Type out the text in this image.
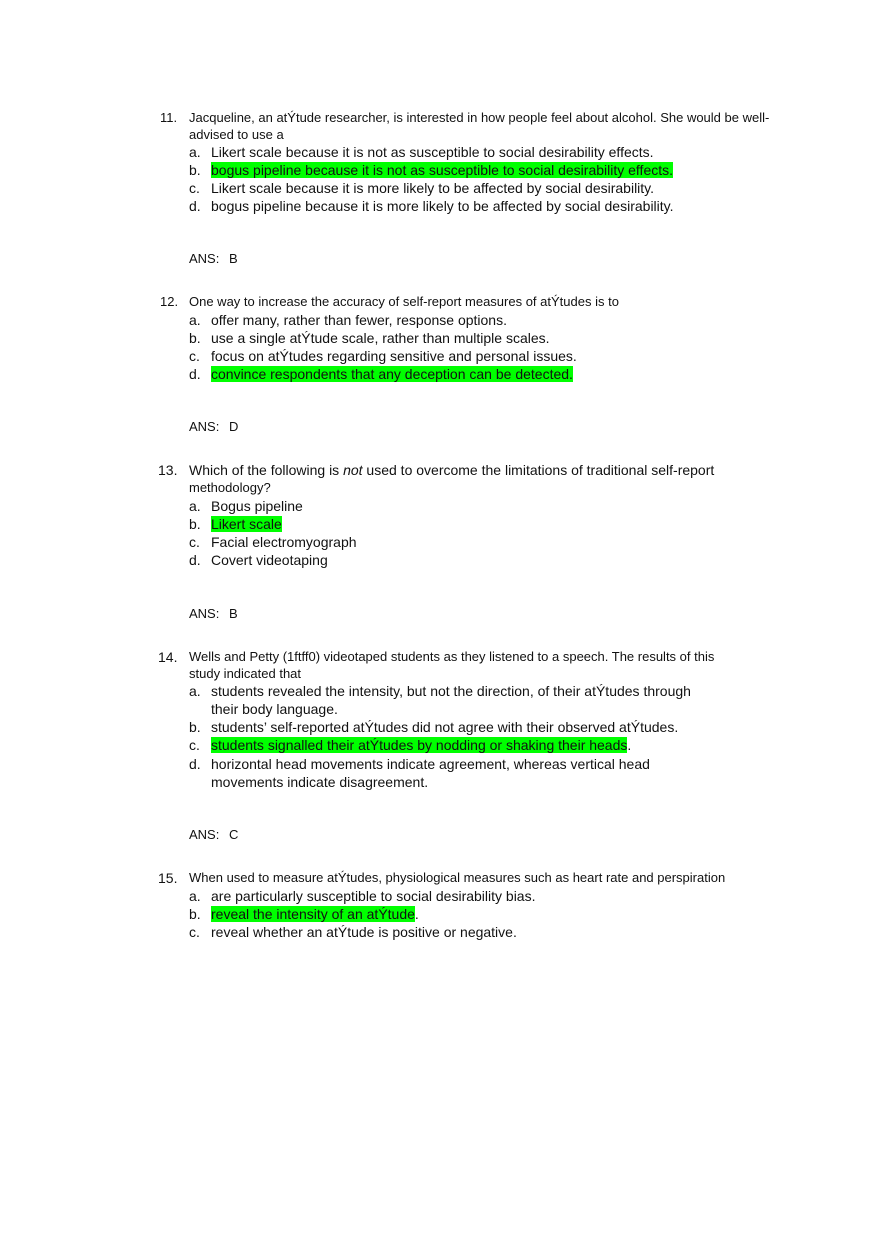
11. Jacqueline, an atÝtude researcher, is interested in how people feel about alcohol. She would be well-
advised to use a
a. Likert scale because it is not as susceptible to social desirability effects.
b. bogus pipeline because it is not as susceptible to social desirability effects.
c. Likert scale because it is more likely to be affected by social desirability.
d. bogus pipeline because it is more likely to be affected by social desirability.
ANS: B
12. One way to increase the accuracy of self-report measures of atÝtudes is to
a. offer many, rather than fewer, response options.
b. use a single atÝtude scale, rather than multiple scales.
c. focus on atÝtudes regarding sensitive and personal issues.
d. convince respondents that any deception can be detected.
ANS: D
13. Which of the following is not used to overcome the limitations of traditional self-report
methodology?
a. Bogus pipeline
b. Likert scale
c. Facial electromyograph
d. Covert videotaping
ANS: B
14. Wells and Petty (1ftff0) videotaped students as they listened to a speech. The results of this
study indicated that
a. students revealed the intensity, but not the direction, of their atÝtudes through
their body language.
b. students’ self-reported atÝtudes did not agree with their observed atÝtudes.
c. students signalled their atÝtudes by nodding or shaking their heads.
d. horizontal head movements indicate agreement, whereas vertical head
movements indicate disagreement.
ANS: C
15. When used to measure atÝtudes, physiological measures such as heart rate and perspiration
a. are particularly susceptible to social desirability bias.
b. reveal the intensity of an atÝtude.
c. reveal whether an atÝtude is positive or negative.
